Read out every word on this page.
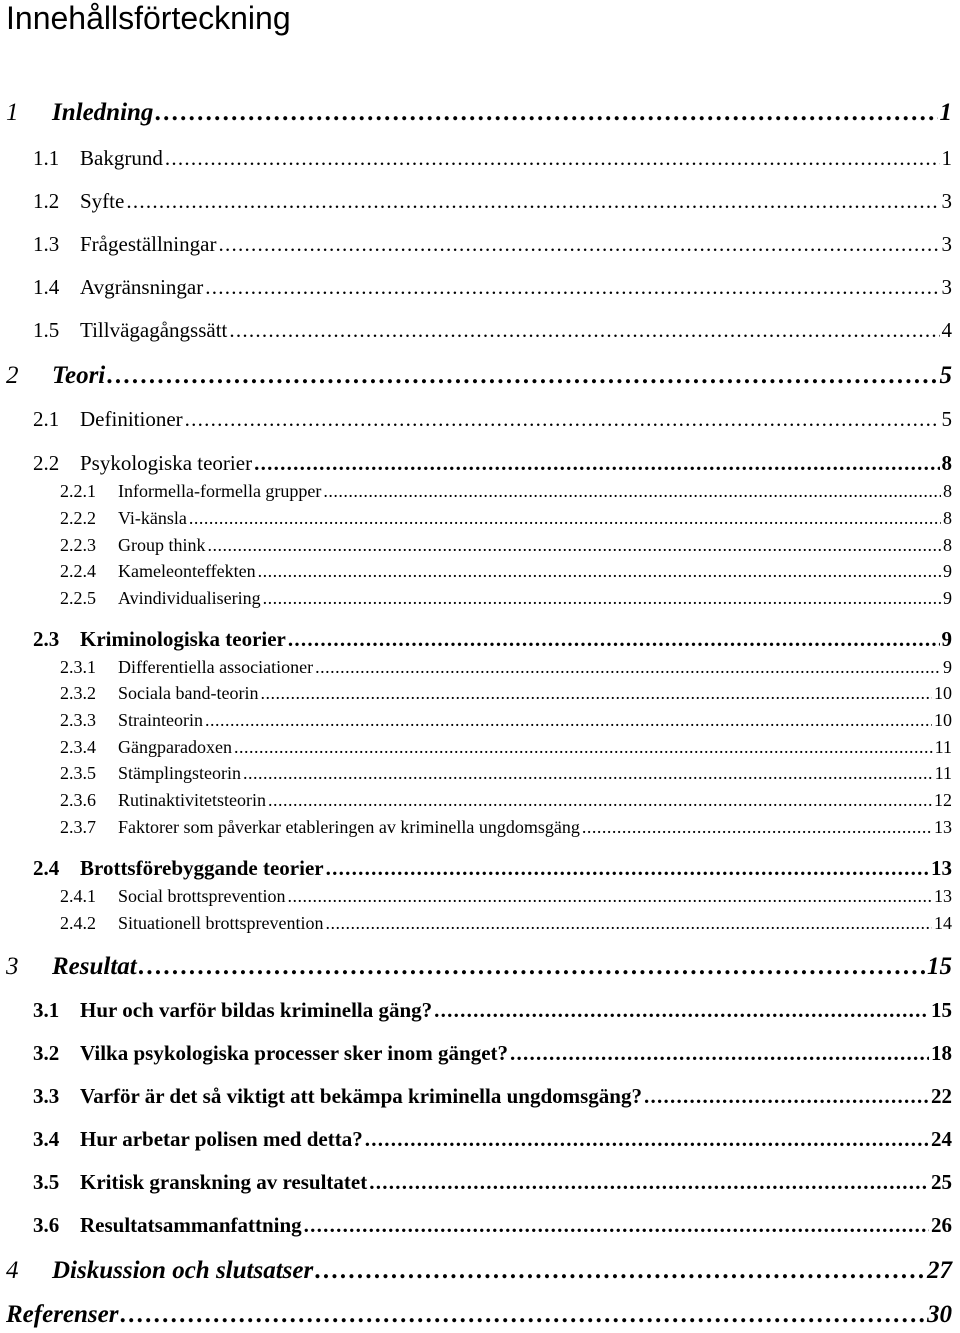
Innehållsförteckning
1	Inledning . . .	1
1.1 Bakgrund . . .	1
1.2 Syfte . . .	3
1.3 Frågeställningar . . .	3
1.4 Avgränsningar . . .	3
1.5 Tillvägagångssätt . . .	4
2	Teori . . .	5
2.1 Definitioner . . .	5
2.2 Psykologiska teorier . . .	8
2.2.1	Informella-formella grupper . . .	8
2.2.2	Vi-känsla . . .	8
2.2.3	Group think . . .	8
2.2.4	Kameleonteffekten . . .	9
2.2.5	Avindividualisering . . .	9
2.3 Kriminologiska teorier . . .	9
2.3.1	Differentiella associationer . . .	9
2.3.2	Sociala band-teorin . . .	10
2.3.3	Strainteorin . . .	10
2.3.4	Gängparadoxen . . .	11
2.3.5	Stämplingsteorin . . .	11
2.3.6	Rutinaktivitetsteorin . . .	12
2.3.7	Faktorer som påverkar etableringen av kriminella ungdomsgäng . . .	13
2.4 Brottsförebyggande teorier . . .	13
2.4.1	Social brottsprevention . . .	13
2.4.2	Situationell brottsprevention . . .	14
3	Resultat . . .	15
3.1 Hur och varför bildas kriminella gäng? . . .	15
3.2 Vilka psykologiska processer sker inom gänget? . . .	18
3.3 Varför är det så viktigt att bekämpa kriminella ungdomsgäng? . . .	22
3.4 Hur arbetar polisen med detta? . . .	24
3.5 Kritisk granskning av resultatet . . .	25
3.6 Resultatsammanfattning . . .	26
4	Diskussion och slutsatser . . .	27
Referenser . . .	30
